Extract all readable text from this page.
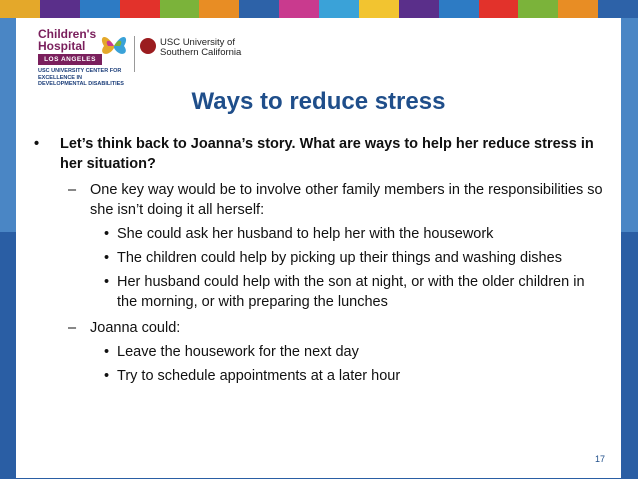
Children's
Hospital
LOS ANGELES
USC UNIVERSITY CENTER FOR EXCELLENCE IN DEVELOPMENTAL DISABILITIES
USC University of
Southern California
Ways to reduce stress
• Let’s think back to Joanna’s story. What are ways to help her reduce stress in her situation?
– One key way would be to involve other family members in the responsibilities so she isn’t doing it all herself:
• She could ask her husband to help her with the housework
• The children could help by picking up their things and washing dishes
• Her husband could help with the son at night, or with the older children in the morning, or with preparing the lunches
– Joanna could:
• Leave the housework for the next day
• Try to schedule appointments at a later hour
17
